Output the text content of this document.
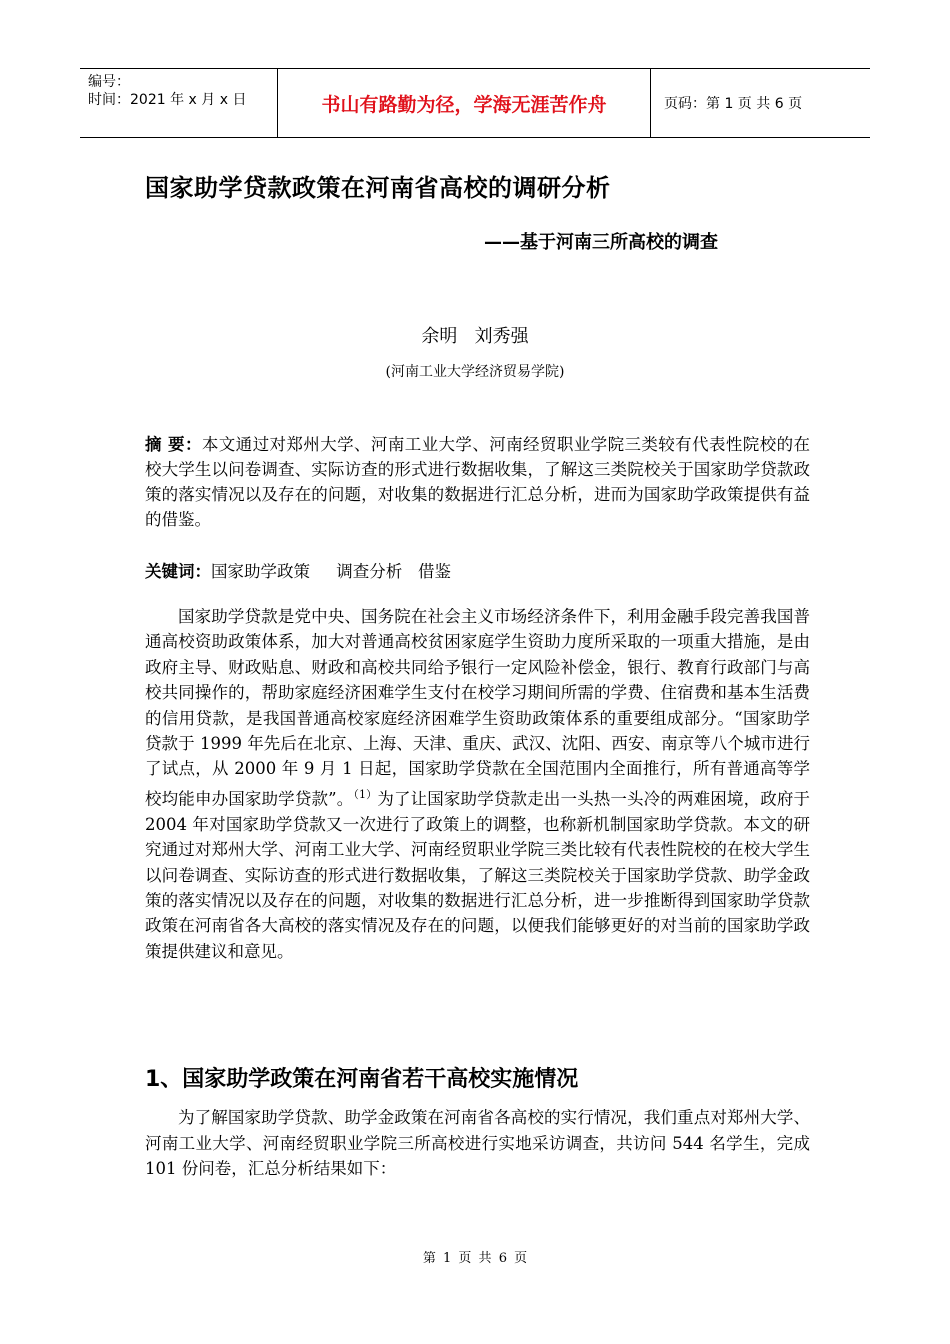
编号：
时间：2021 年 x 月 x 日	书山有路勤为径，学海无涯苦作舟	页码：第 1 页 共 6 页
国家助学贷款政策在河南省高校的调研分析
——基于河南三所高校的调查
余明   刘秀强
(河南工业大学经济贸易学院)
摘 要：本文通过对郑州大学、河南工业大学、河南经贸职业学院三类较有代表性院校的在校大学生以问卷调查、实际访查的形式进行数据收集，了解这三类院校关于国家助学贷款政策的落实情况以及存在的问题，对收集的数据进行汇总分析，进而为国家助学政策提供有益的借鉴。
关键词：国家助学政策     调查分析   借鉴
国家助学贷款是党中央、国务院在社会主义市场经济条件下，利用金融手段完善我国普通高校资助政策体系，加大对普通高校贫困家庭学生资助力度所采取的一项重大措施，是由政府主导、财政贴息、财政和高校共同给予银行一定风险补偿金，银行、教育行政部门与高校共同操作的，帮助家庭经济困难学生支付在校学习期间所需的学费、住宿费和基本生活费的信用贷款，是我国普通高校家庭经济困难学生资助政策体系的重要组成部分。“国家助学贷款于 1999 年先后在北京、上海、天津、重庆、武汉、沈阳、西安、南京等八个城市进行了试点，从 2000 年 9 月 1 日起，国家助学贷款在全国范围内全面推行，所有普通高等学校均能申办国家助学贷款”。$^{(1)}$为了让国家助学贷款走出一头热一头冷的两难困境，政府于 2004 年对国家助学贷款又一次进行了政策上的调整，也称新机制国家助学贷款。本文的研究通过对郑州大学、河南工业大学、河南经贸职业学院三类比较有代表性院校的在校大学生以问卷调查、实际访查的形式进行数据收集，了解这三类院校关于国家助学贷款、助学金政策的落实情况以及存在的问题，对收集的数据进行汇总分析，进一步推断得到国家助学贷款政策在河南省各大高校的落实情况及存在的问题，以便我们能够更好的对当前的国家助学政策提供建议和意见。
1、国家助学政策在河南省若干高校实施情况
为了解国家助学贷款、助学金政策在河南省各高校的实行情况，我们重点对郑州大学、河南工业大学、河南经贸职业学院三所高校进行实地采访调查，共访问 544 名学生，完成 101 份问卷，汇总分析结果如下：
第 1 页 共 6 页
